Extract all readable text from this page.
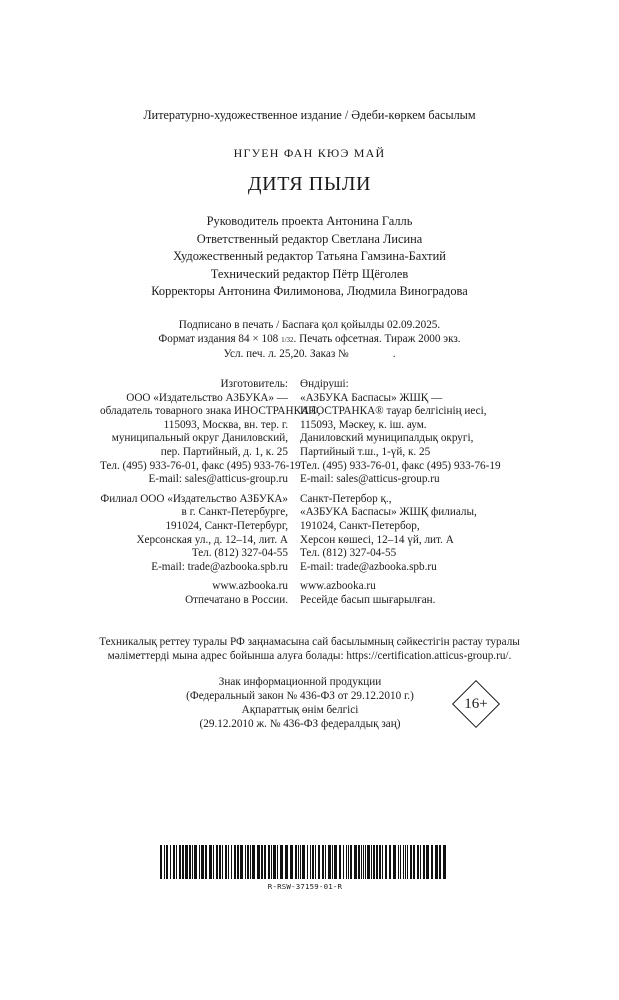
Литературно-художественное издание / Әдеби-көркем басылым
НГУЕН ФАН КЮЭ МАЙ
ДИТЯ ПЫЛИ
Руководитель проекта Антонина Галль
Ответственный редактор Светлана Лисина
Художественный редактор Татьяна Гамзина-Бахтий
Технический редактор Пётр Щёголев
Корректоры Антонина Филимонова, Людмила Виноградова
Подписано в печать / Баспаға қол қойылды 02.09.2025.
Формат издания 84 × 108 1/32. Печать офсетная. Тираж 2000 экз.
Усл. печ. л. 25,20. Заказ №	.
Изготовитель:
ООО «Издательство АЗБУКА» —
обладатель товарного знака ИНОСТРАНКА®,
115093, Москва, вн. тер. г.
муниципальный округ Даниловский,
пер. Партийный, д. 1, к. 25
Тел. (495) 933-76-01, факс (495) 933-76-19
E-mail: sales@atticus-group.ru
Филиал ООО «Издательство АЗБУКА»
в г. Санкт-Петербурге,
191024, Санкт-Петербург,
Херсонская ул., д. 12–14, лит. А
Тел. (812) 327-04-55
E-mail: trade@azbooka.spb.ru
www.azbooka.ru
Отпечатано в России.
Өндіруші:
«АЗБУКА Баспасы» ЖШҚ —
ИНОСТРАНКА® тауар белгісінің иесі,
115093, Мәскеу, к. іш. аум.
Даниловский муниципалдық округі,
Партийный т.ш., 1-үй, к. 25
Тел. (495) 933-76-01, факс (495) 933-76-19
E-mail: sales@atticus-group.ru
Санкт-Петербор қ.,
«АЗБУКА Баспасы» ЖШҚ филиалы,
191024, Санкт-Петербор,
Херсон көшесі, 12–14 үй, лит. А
Тел. (812) 327-04-55
E-mail: trade@azbooka.spb.ru
www.azbooka.ru
Ресейде басып шығарылған.
Техникалық реттеу туралы РФ заңнамасына сай басылымның сәйкестігін растау туралы
мәліметтерді мына адрес бойынша алуға болады: https://certification.atticus-group.ru/.
Знак информационной продукции
(Федеральный закон № 436-ФЗ от 29.12.2010 г.)
Ақпараттық өнім белгісі
(29.12.2010 ж. № 436-ФЗ федералдық заң)
16+
R-RSW-37159-01-R
